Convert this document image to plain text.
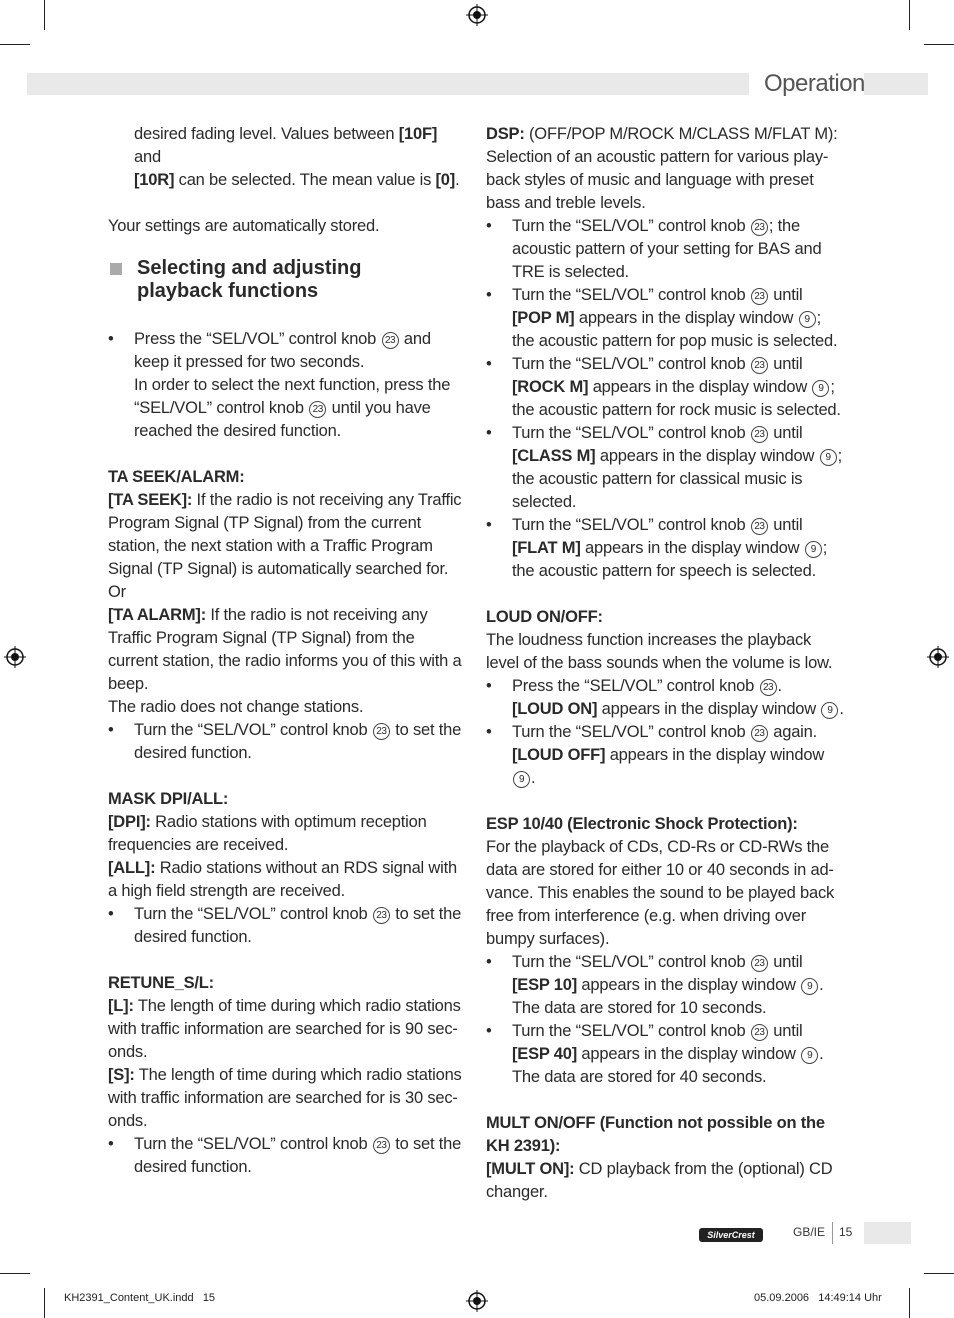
Operation

desired fading level. Values between [10F] and
[10R] can be selected. The mean value is [0].

Your settings are automatically stored.

Selecting and adjusting
playback functions

• Press the “SEL/VOL” control knob 23 and keep it pressed for two seconds.
In order to select the next function, press the “SEL/VOL” control knob 23 until you have reached the desired function.

TA SEEK/ALARM:

[TA SEEK]: If the radio is not receiving any Traffic Program Signal (TP Signal) from the current station, the next station with a Traffic Program Signal (TP Signal) is automatically searched for.

Or

[TA ALARM]: If the radio is not receiving any Traffic Program Signal (TP Signal) from the current station, the radio informs you of this with a beep.

The radio does not change stations.

• Turn the “SEL/VOL” control knob 23 to set the desired function.

MASK DPI/ALL:

[DPI]: Radio stations with optimum reception frequencies are received.

[ALL]: Radio stations without an RDS signal with a high field strength are received.

• Turn the “SEL/VOL” control knob 23 to set the desired function.

RETUNE_S/L:

[L]: The length of time during which radio stations with traffic information are searched for is 90 sec-onds.

[S]: The length of time during which radio stations with traffic information are searched for is 30 sec-onds.

• Turn the “SEL/VOL” control knob 23 to set the desired function.

DSP: (OFF/POP M/ROCK M/CLASS M/FLAT M): Selection of an acoustic pattern for various play-back styles of music and language with preset bass and treble levels.

• Turn the “SEL/VOL” control knob 23 ; the acoustic pattern of your setting for BAS and TRE is selected.

• Turn the “SEL/VOL” control knob 23 until
[POP M] appears in the display window 9 ; the acoustic pattern for pop music is selected.

• Turn the “SEL/VOL” control knob 23 until
[ROCK M] appears in the display window 9 ; the acoustic pattern for rock music is selected.

• Turn the “SEL/VOL” control knob 23 until
[CLASS M] appears in the display window 9 ; the acoustic pattern for classical music is selected.

• Turn the “SEL/VOL” control knob 23 until
[FLAT M] appears in the display window 9 ; the acoustic pattern for speech is selected.

LOUD ON/OFF:

The loudness function increases the playback level of the bass sounds when the volume is low.

• Press the “SEL/VOL” control knob 23 .
[LOUD ON] appears in the display window 9 .

• Turn the “SEL/VOL” control knob 23 again.
[LOUD OFF] appears in the display window 9 .

ESP 10/40 (Electronic Shock Protection):

For the playback of CDs, CD-Rs or CD-RWs the data are stored for either 10 or 40 seconds in ad-vance. This enables the sound to be played back free from interference (e.g. when driving over bumpy surfaces).

• Turn the “SEL/VOL” control knob 23 until
[ESP 10] appears in the display window 9 .
The data are stored for 10 seconds.

• Turn the “SEL/VOL” control knob 23 until
[ESP 40] appears in the display window 9 .
The data are stored for 40 seconds.

MULT ON/OFF (Function not possible on the KH 2391):

[MULT ON]: CD playback from the (optional) CD changer.

SilverCrest	GB/IE 15
KH2391_Content_UK.indd   15	05.09.2006   14:49:14 Uhr
